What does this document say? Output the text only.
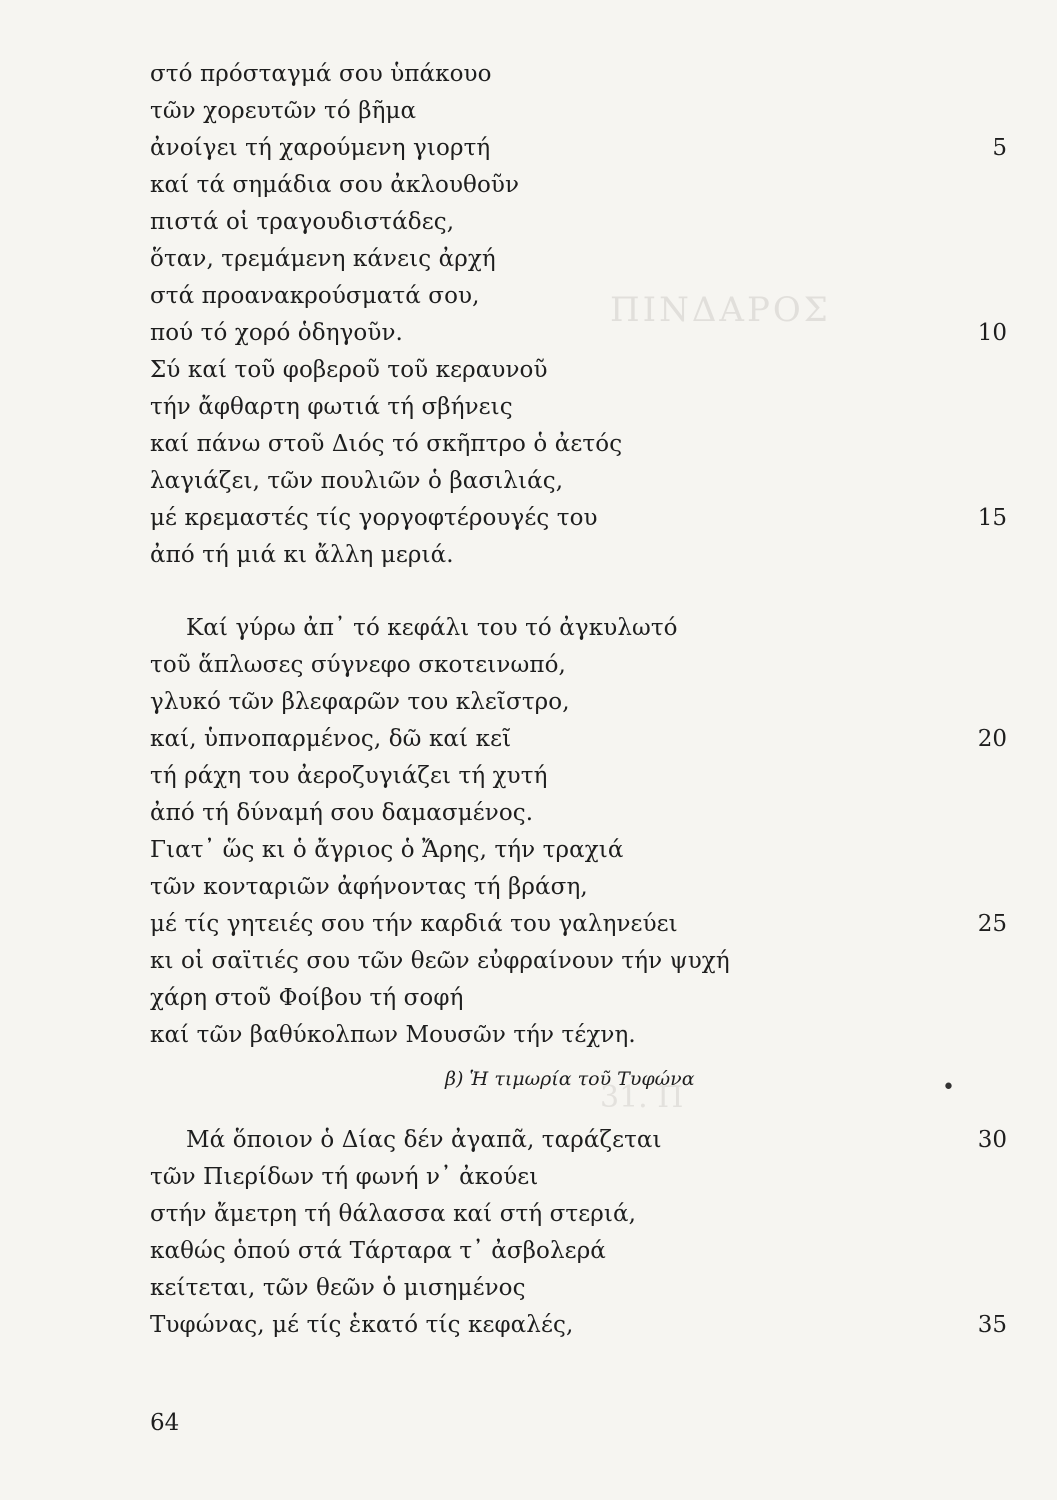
ΠΙΝΔΑΡΟΣ
31. Π
στό πρόσταγμά σου ὑπάκουο
τῶν χορευτῶν τό βῆμα
ἀνοίγει τή χαρούμενη γιορτή
καί τά σημάδια σου ἀκλουθοῦν
πιστά οἱ τραγουδιστάδες,
ὅταν, τρεμάμενη κάνεις ἀρχή
στά προανακρούσματά σου,
πού τό χορό ὁδηγοῦν.
Σύ καί τοῦ φοβεροῦ τοῦ κεραυνοῦ
τήν ἄφθαρτη φωτιά τή σβήνεις
καί πάνω στοῦ Διός τό σκῆπτρο ὁ ἀετός
λαγιάζει, τῶν πουλιῶν ὁ βασιλιάς,
μέ κρεμαστές τίς γοργοφτέρουγές του
ἀπό τή μιά κι ἄλλη μεριά.
Καί γύρω ἀπ᾽ τό κεφάλι του τό ἀγκυλωτό
τοῦ ἅπλωσες σύγνεφο σκοτεινωπό,
γλυκό τῶν βλεφαρῶν του κλεῖστρο,
καί, ὑπνοπαρμένος, δῶ καί κεῖ
τή ράχη του ἀεροζυγιάζει τή χυτή
ἀπό τή δύναμή σου δαμασμένος.
Γιατ᾽ ὥς κι ὁ ἄγριος ὁ Ἄρης, τήν τραχιά
τῶν κονταριῶν ἀφήνοντας τή βράση,
μέ τίς γητειές σου τήν καρδιά του γαληνεύει
κι οἱ σαϊτιές σου τῶν θεῶν εὐφραίνουν τήν ψυχή
χάρη στοῦ Φοίβου τή σοφή
καί τῶν βαθύκολπων Μουσῶν τήν τέχνη.
β) Ἡ τιμωρία τοῦ Τυφώνα	•
Μά ὅποιον ὁ Δίας δέν ἀγαπᾶ, ταράζεται
τῶν Πιερίδων τή φωνή ν᾽ ἀκούει
στήν ἄμετρη τή θάλασσα καί στή στεριά,
καθώς ὁπού στά Τάρταρα τ᾽ ἀσβολερά
κείτεται, τῶν θεῶν ὁ μισημένος
Τυφώνας, μέ τίς ἑκατό τίς κεφαλές,
5
10
15
20
25
30
35
64
